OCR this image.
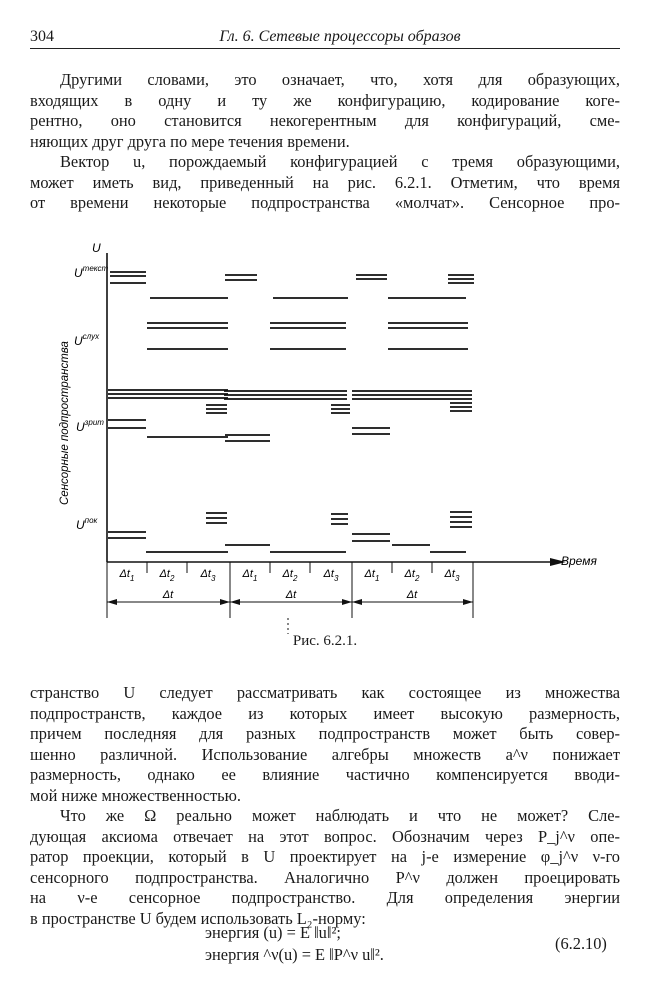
304	Гл. 6. Сетевые процессоры образов
Другими словами, это означает, что, хотя для образующих,
входящих в одну и ту же конфигурацию, кодирование коге-
рентно, оно становится некогерентным для конфигураций, сме-
няющих друг друга по мере течения времени.
Вектор u, порождаемый конфигурацией с тремя образующими,
может иметь вид, приведенный на рис. 6.2.1. Отметим, что время
от времени некоторые подпространства «молчат». Сенсорное про-
U
Время
Сенсорные подпространства
$U^{текст}$
$U^{слух}$
$U^{зрит}$
$U^{пок}$
$\Delta t_1$ $\Delta t_2$ $\Delta t_3$ $\Delta t_1$ $\Delta t_2$ $\Delta t_3$ $\Delta t_1$ $\Delta t_2$ $\Delta t_3$
Δt	Δt	Δt
Рис. 6.2.1.
странство U следует рассматривать как состоящее из множества
подпространств, каждое из которых имеет высокую размерность,
причем последняя для разных подпространств может быть совер-
шенно различной. Использование алгебры множеств a^ν понижает
размерность, однако ее влияние частично компенсируется вводи-
мой ниже множественностью.
Что же Ω реально может наблюдать и что не может? Сле-
дующая аксиома отвечает на этот вопрос. Обозначим через P_j^ν опе-
ратор проекции, который в U проектирует на j-е измерение φ_j^ν ν-го
сенсорного подпространства. Аналогично P^ν должен проецировать
на ν-е сенсорное подпространство. Для определения энергии
в пространстве U будем использовать L₂-норму:
энергия (u) = E ‖u‖²;
энергия ^ν(u) = E ‖P^ν u‖².
(6.2.10)
